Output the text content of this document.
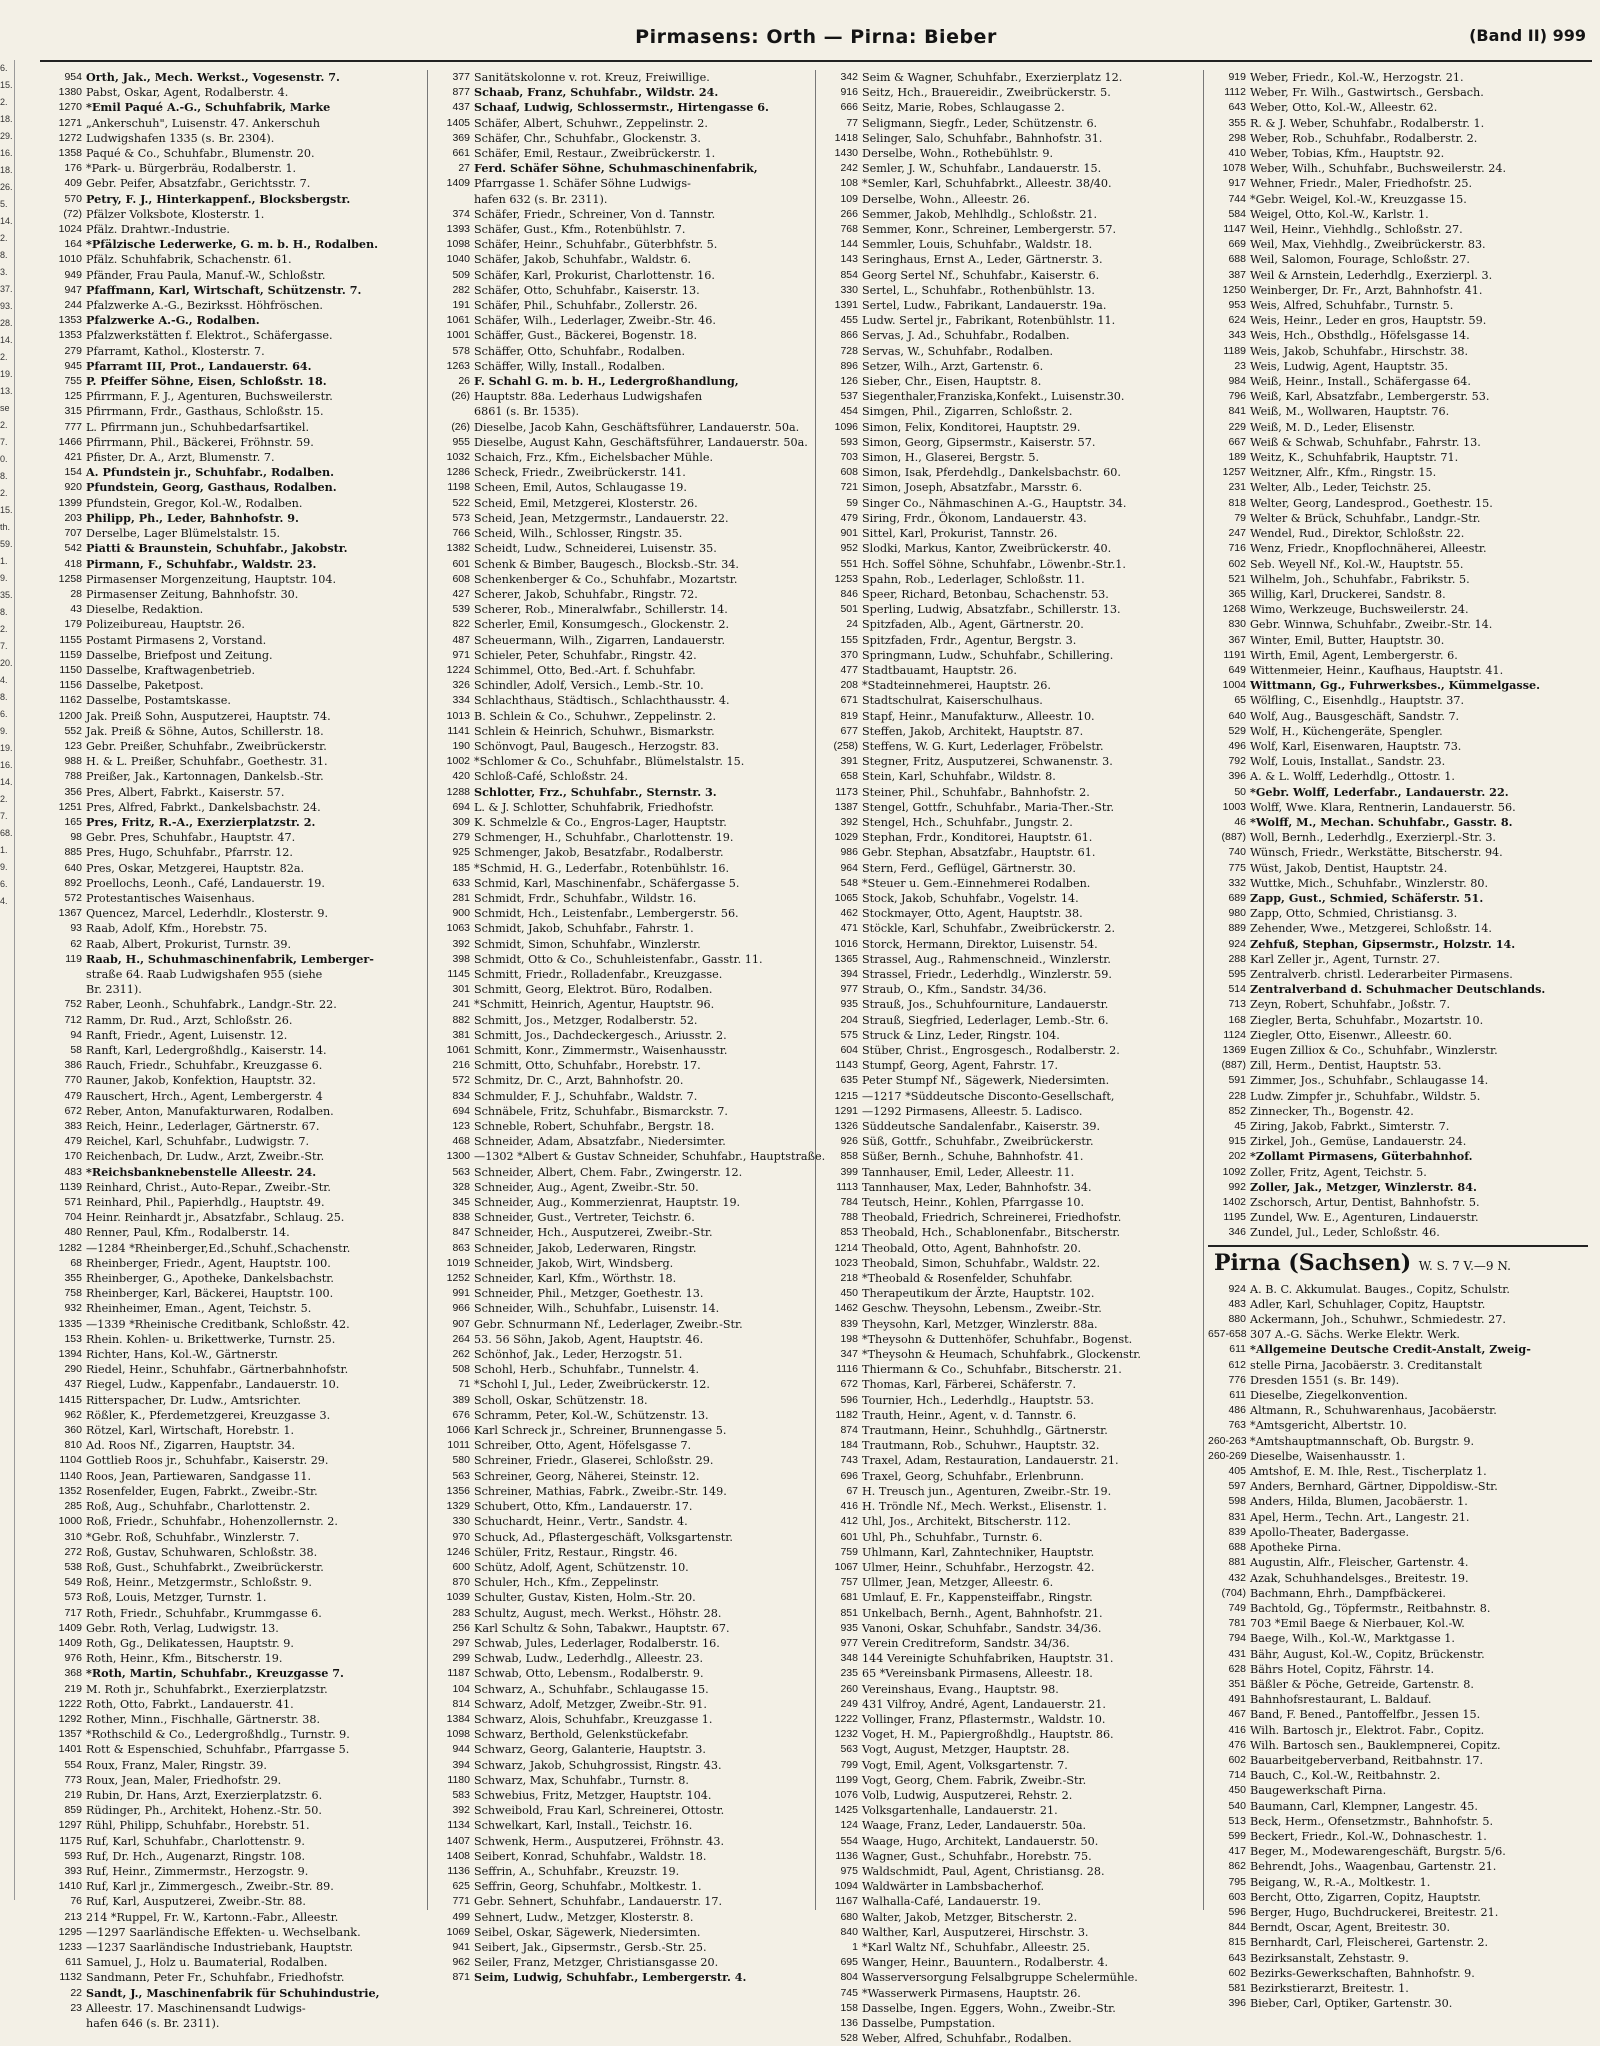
6.
15.
2.
18.
29.
16.
18.
26.
5.
14.
2.
8.
3.
37.
93.
28.
14.
2.
19.
13.
se 2.
7.
0.
8.
2.
15.
th.
59.
1.
9.
35.
8.
2.
7.
20.
4.
8.
6.
9.
19.
16.
14.
2.
7.
68.
1.
9.
6.
4.
Pirmasens: Orth — Pirna: Bieber	(Band II) 999
954 Orth, Jak., Mech. Werkst., Vogesenstr. 7.
1380 Pabst, Oskar, Agent, Rodalberstr. 4.
1270 *Emil Paqué A.-G., Schuhfabrik, Marke
1271 „Ankerschuh", Luisenstr. 47. Ankerschuh
1272 Ludwigshafen 1335 (s. Br. 2304).
1358 Paqué & Co., Schuhfabr., Blumenstr. 20.
176 *Park- u. Bürgerbräu, Rodalberstr. 1.
409 Gebr. Peifer, Absatzfabr., Gerichtsstr. 7.
570 Petry, F. J., Hinterkappenf., Blocksbergstr.
(72) Pfälzer Volksbote, Klosterstr. 1.
1024 Pfälz. Drahtwr.-Industrie.
164 *Pfälzische Lederwerke, G. m. b. H., Rodalben.
1010 Pfälz. Schuhfabrik, Schachenstr. 61.
949 Pfänder, Frau Paula, Manuf.-W., Schloßstr.
947 Pfaffmann, Karl, Wirtschaft, Schützenstr. 7.
244 Pfalzwerke A.-G., Bezirksst. Höhfröschen.
1353 Pfalzwerke A.-G., Rodalben.
1353 Pfalzwerkstätten f. Elektrot., Schäfergasse.
279 Pfarramt, Kathol., Klosterstr. 7.
945 Pfarramt III, Prot., Landauerstr. 64.
755 P. Pfeiffer Söhne, Eisen, Schloßstr. 18.
125 Pfirrmann, F. J., Agenturen, Buchsweilerstr.
315 Pfirrmann, Frdr., Gasthaus, Schloßstr. 15.
777 L. Pfirrmann jun., Schuhbedarfsartikel.
1466 Pfirrmann, Phil., Bäckerei, Fröhnstr. 59.
421 Pfister, Dr. A., Arzt, Blumenstr. 7.
154 A. Pfundstein jr., Schuhfabr., Rodalben.
920 Pfundstein, Georg, Gasthaus, Rodalben.
1399 Pfundstein, Gregor, Kol.-W., Rodalben.
203 Philipp, Ph., Leder, Bahnhofstr. 9.
707 Derselbe, Lager Blümelstalstr. 15.
542 Piatti & Braunstein, Schuhfabr., Jakobstr.
418 Pirmann, F., Schuhfabr., Waldstr. 23.
1258 Pirmasenser Morgenzeitung, Hauptstr. 104.
28 Pirmasenser Zeitung, Bahnhofstr. 30.
43 Dieselbe, Redaktion.
179 Polizeibureau, Hauptstr. 26.
1155 Postamt Pirmasens 2, Vorstand.
1159 Dasselbe, Briefpost und Zeitung.
1150 Dasselbe, Kraftwagenbetrieb.
1156 Dasselbe, Paketpost.
1162 Dasselbe, Postamtskasse.
1200 Jak. Preiß Sohn, Ausputzerei, Hauptstr. 74.
552 Jak. Preiß & Söhne, Autos, Schillerstr. 18.
123 Gebr. Preißer, Schuhfabr., Zweibrückerstr.
988 H. & L. Preißer, Schuhfabr., Goethestr. 31.
788 Preißer, Jak., Kartonnagen, Dankelsb.-Str.
356 Pres, Albert, Fabrkt., Kaiserstr. 57.
1251 Pres, Alfred, Fabrkt., Dankelsbachstr. 24.
165 Pres, Fritz, R.-A., Exerzierplatzstr. 2.
98 Gebr. Pres, Schuhfabr., Hauptstr. 47.
885 Pres, Hugo, Schuhfabr., Pfarrstr. 12.
640 Pres, Oskar, Metzgerei, Hauptstr. 82a.
892 Proellochs, Leonh., Café, Landauerstr. 19.
572 Protestantisches Waisenhaus.
1367 Quencez, Marcel, Lederhdlr., Klosterstr. 9.
93 Raab, Adolf, Kfm., Horebstr. 75.
62 Raab, Albert, Prokurist, Turnstr. 39.
119 Raab, H., Schuhmaschinenfabrik, Lemberger-
straße 64. Raab Ludwigshafen 955 (siehe
Br. 2311).
752 Raber, Leonh., Schuhfabrk., Landgr.-Str. 22.
712 Ramm, Dr. Rud., Arzt, Schloßstr. 26.
94 Ranft, Friedr., Agent, Luisenstr. 12.
58 Ranft, Karl, Ledergroßhdlg., Kaiserstr. 14.
386 Rauch, Friedr., Schuhfabr., Kreuzgasse 6.
770 Rauner, Jakob, Konfektion, Hauptstr. 32.
479 Rauschert, Hrch., Agent, Lembergerstr. 4
672 Reber, Anton, Manufakturwaren, Rodalben.
383 Reich, Heinr., Lederlager, Gärtnerstr. 67.
479 Reichel, Karl, Schuhfabr., Ludwigstr. 7.
170 Reichenbach, Dr. Ludw., Arzt, Zweibr.-Str.
483 *Reichsbanknebenstelle Alleestr. 24.
1139 Reinhard, Christ., Auto-Repar., Zweibr.-Str.
571 Reinhard, Phil., Papierhdlg., Hauptstr. 49.
704 Heinr. Reinhardt jr., Absatzfabr., Schlaug. 25.
480 Renner, Paul, Kfm., Rodalberstr. 14.
1282 —1284 *Rheinberger,Ed.,Schuhf.,Schachenstr.
68 Rheinberger, Friedr., Agent, Hauptstr. 100.
355 Rheinberger, G., Apotheke, Dankelsbachstr.
758 Rheinberger, Karl, Bäckerei, Hauptstr. 100.
932 Rheinheimer, Eman., Agent, Teichstr. 5.
1335 —1339 *Rheinische Creditbank, Schloßstr. 42.
153 Rhein. Kohlen- u. Brikettwerke, Turnstr. 25.
1394 Richter, Hans, Kol.-W., Gärtnerstr.
290 Riedel, Heinr., Schuhfabr., Gärtnerbahnhofstr.
437 Riegel, Ludw., Kappenfabr., Landauerstr. 10.
1415 Ritterspacher, Dr. Ludw., Amtsrichter.
962 Rößler, K., Pferdemetzgerei, Kreuzgasse 3.
360 Rötzel, Karl, Wirtschaft, Horebstr. 1.
810 Ad. Roos Nf., Zigarren, Hauptstr. 34.
1104 Gottlieb Roos jr., Schuhfabr., Kaiserstr. 29.
1140 Roos, Jean, Partiewaren, Sandgasse 11.
1352 Rosenfelder, Eugen, Fabrkt., Zweibr.-Str.
285 Roß, Aug., Schuhfabr., Charlottenstr. 2.
1000 Roß, Friedr., Schuhfabr., Hohenzollernstr. 2.
310 *Gebr. Roß, Schuhfabr., Winzlerstr. 7.
272 Roß, Gustav, Schuhwaren, Schloßstr. 38.
538 Roß, Gust., Schuhfabrkt., Zweibrückerstr.
549 Roß, Heinr., Metzgermstr., Schloßstr. 9.
573 Roß, Louis, Metzger, Turnstr. 1.
717 Roth, Friedr., Schuhfabr., Krummgasse 6.
1409 Gebr. Roth, Verlag, Ludwigstr. 13.
1409 Roth, Gg., Delikatessen, Hauptstr. 9.
976 Roth, Heinr., Kfm., Bitscherstr. 19.
368 *Roth, Martin, Schuhfabr., Kreuzgasse 7.
219 M. Roth jr., Schuhfabrkt., Exerzierplatzstr.
1222 Roth, Otto, Fabrkt., Landauerstr. 41.
1292 Rother, Minn., Fischhalle, Gärtnerstr. 38.
1357 *Rothschild & Co., Ledergroßhdlg., Turnstr. 9.
1401 Rott & Espenschied, Schuhfabr., Pfarrgasse 5.
554 Roux, Franz, Maler, Ringstr. 39.
773 Roux, Jean, Maler, Friedhofstr. 29.
219 Rubin, Dr. Hans, Arzt, Exerzierplatzstr. 6.
859 Rüdinger, Ph., Architekt, Hohenz.-Str. 50.
1297 Rühl, Philipp, Schuhfabr., Horebstr. 51.
1175 Ruf, Karl, Schuhfabr., Charlottenstr. 9.
593 Ruf, Dr. Hch., Augenarzt, Ringstr. 108.
393 Ruf, Heinr., Zimmermstr., Herzogstr. 9.
1410 Ruf, Karl jr., Zimmergesch., Zweibr.-Str. 89.
76 Ruf, Karl, Ausputzerei, Zweibr.-Str. 88.
213 214 *Ruppel, Fr. W., Kartonn.-Fabr., Alleestr.
1295 —1297 Saarländische Effekten- u. Wechselbank.
1233 —1237 Saarländische Industriebank, Hauptstr.
611 Samuel, J., Holz u. Baumaterial, Rodalben.
1132 Sandmann, Peter Fr., Schuhfabr., Friedhofstr.
22 Sandt, J., Maschinenfabrik für Schuhindustrie,
23 Alleestr. 17. Maschinensandt Ludwigs-
hafen 646 (s. Br. 2311).
377 Sanitätskolonne v. rot. Kreuz, Freiwillige.
877 Schaab, Franz, Schuhfabr., Wildstr. 24.
437 Schaaf, Ludwig, Schlossermstr., Hirtengasse 6.
1405 Schäfer, Albert, Schuhwr., Zeppelinstr. 2.
369 Schäfer, Chr., Schuhfabr., Glockenstr. 3.
661 Schäfer, Emil, Restaur., Zweibrückerstr. 1.
27 Ferd. Schäfer Söhne, Schuhmaschinenfabrik,
1409 Pfarrgasse 1. Schäfer Söhne Ludwigs-
hafen 632 (s. Br. 2311).
374 Schäfer, Friedr., Schreiner, Von d. Tannstr.
1393 Schäfer, Gust., Kfm., Rotenbühlstr. 7.
1098 Schäfer, Heinr., Schuhfabr., Güterbhfstr. 5.
1040 Schäfer, Jakob, Schuhfabr., Waldstr. 6.
509 Schäfer, Karl, Prokurist, Charlottenstr. 16.
282 Schäfer, Otto, Schuhfabr., Kaiserstr. 13.
191 Schäfer, Phil., Schuhfabr., Zollerstr. 26.
1061 Schäfer, Wilh., Lederlager, Zweibr.-Str. 46.
1001 Schäffer, Gust., Bäckerei, Bogenstr. 18.
578 Schäffer, Otto, Schuhfabr., Rodalben.
1263 Schäffer, Willy, Install., Rodalben.
26 F. Schahl G. m. b. H., Ledergroßhandlung,
(26) Hauptstr. 88a. Lederhaus Ludwigshafen
6861 (s. Br. 1535).
(26) Dieselbe, Jacob Kahn, Geschäftsführer, Landauerstr. 50a.
955 Dieselbe, August Kahn, Geschäftsführer, Landauerstr. 50a.
1032 Schaich, Frz., Kfm., Eichelsbacher Mühle.
1286 Scheck, Friedr., Zweibrückerstr. 141.
1198 Scheen, Emil, Autos, Schlaugasse 19.
522 Scheid, Emil, Metzgerei, Klosterstr. 26.
573 Scheid, Jean, Metzgermstr., Landauerstr. 22.
766 Scheid, Wilh., Schlosser, Ringstr. 35.
1382 Scheidt, Ludw., Schneiderei, Luisenstr. 35.
601 Schenk & Bimber, Baugesch., Blocksb.-Str. 34.
608 Schenkenberger & Co., Schuhfabr., Mozartstr.
427 Scherer, Jakob, Schuhfabr., Ringstr. 72.
539 Scherer, Rob., Mineralwfabr., Schillerstr. 14.
822 Scherler, Emil, Konsumgesch., Glockenstr. 2.
487 Scheuermann, Wilh., Zigarren, Landauerstr.
971 Schieler, Peter, Schuhfabr., Ringstr. 42.
1224 Schimmel, Otto, Bed.-Art. f. Schuhfabr.
326 Schindler, Adolf, Versich., Lemb.-Str. 10.
334 Schlachthaus, Städtisch., Schlachthausstr. 4.
1013 B. Schlein & Co., Schuhwr., Zeppelinstr. 2.
1141 Schlein & Heinrich, Schuhwr., Bismarkstr.
190 Schönvogt, Paul, Baugesch., Herzogstr. 83.
1002 *Schlomer & Co., Schuhfabr., Blümelstalstr. 15.
420 Schloß-Café, Schloßstr. 24.
1288 Schlotter, Frz., Schuhfabr., Sternstr. 3.
694 L. & J. Schlotter, Schuhfabrik, Friedhofstr.
309 K. Schmelzle & Co., Engros-Lager, Hauptstr.
279 Schmenger, H., Schuhfabr., Charlottenstr. 19.
925 Schmenger, Jakob, Besatzfabr., Rodalberstr.
185 *Schmid, H. G., Lederfabr., Rotenbühlstr. 16.
633 Schmid, Karl, Maschinenfabr., Schäfergasse 5.
281 Schmidt, Frdr., Schuhfabr., Wildstr. 16.
900 Schmidt, Hch., Leistenfabr., Lembergerstr. 56.
1063 Schmidt, Jakob, Schuhfabr., Fahrstr. 1.
392 Schmidt, Simon, Schuhfabr., Winzlerstr.
398 Schmidt, Otto & Co., Schuhleistenfabr., Gasstr. 11.
1145 Schmitt, Friedr., Rolladenfabr., Kreuzgasse.
301 Schmitt, Georg, Elektrot. Büro, Rodalben.
241 *Schmitt, Heinrich, Agentur, Hauptstr. 96.
882 Schmitt, Jos., Metzger, Rodalberstr. 52.
381 Schmitt, Jos., Dachdeckergesch., Ariusstr. 2.
1061 Schmitt, Konr., Zimmermstr., Waisenhausstr.
216 Schmitt, Otto, Schuhfabr., Horebstr. 17.
572 Schmitz, Dr. C., Arzt, Bahnhofstr. 20.
834 Schmulder, F. J., Schuhfabr., Waldstr. 7.
694 Schnäbele, Fritz, Schuhfabr., Bismarckstr. 7.
123 Schneble, Robert, Schuhfabr., Bergstr. 18.
468 Schneider, Adam, Absatzfabr., Niedersimter.
1300 —1302 *Albert & Gustav Schneider, Schuhfabr., Hauptstraße.
563 Schneider, Albert, Chem. Fabr., Zwingerstr. 12.
328 Schneider, Aug., Agent, Zweibr.-Str. 50.
345 Schneider, Aug., Kommerzienrat, Hauptstr. 19.
838 Schneider, Gust., Vertreter, Teichstr. 6.
847 Schneider, Hch., Ausputzerei, Zweibr.-Str.
863 Schneider, Jakob, Lederwaren, Ringstr.
1019 Schneider, Jakob, Wirt, Windsberg.
1252 Schneider, Karl, Kfm., Wörthstr. 18.
991 Schneider, Phil., Metzger, Goethestr. 13.
966 Schneider, Wilh., Schuhfabr., Luisenstr. 14.
907 Gebr. Schnurmann Nf., Lederlager, Zweibr.-Str.
264 53. 56 Söhn, Jakob, Agent, Hauptstr. 46.
262 Schönhof, Jak., Leder, Herzogstr. 51.
508 Schohl, Herb., Schuhfabr., Tunnelstr. 4.
71 *Schohl I, Jul., Leder, Zweibrückerstr. 12.
389 Scholl, Oskar, Schützenstr. 18.
676 Schramm, Peter, Kol.-W., Schützenstr. 13.
1066 Karl Schreck jr., Schreiner, Brunnengasse 5.
1011 Schreiber, Otto, Agent, Höfelsgasse 7.
580 Schreiner, Friedr., Glaserei, Schloßstr. 29.
563 Schreiner, Georg, Näherei, Steinstr. 12.
1356 Schreiner, Mathias, Fabrk., Zweibr.-Str. 149.
1329 Schubert, Otto, Kfm., Landauerstr. 17.
330 Schuchardt, Heinr., Vertr., Sandstr. 4.
970 Schuck, Ad., Pflastergeschäft, Volksgartenstr.
1246 Schüler, Fritz, Restaur., Ringstr. 46.
600 Schütz, Adolf, Agent, Schützenstr. 10.
870 Schuler, Hch., Kfm., Zeppelinstr.
1039 Schulter, Gustav, Kisten, Holm.-Str. 20.
283 Schultz, August, mech. Werkst., Höhstr. 28.
256 Karl Schultz & Sohn, Tabakwr., Hauptstr. 67.
297 Schwab, Jules, Lederlager, Rodalberstr. 16.
299 Schwab, Ludw., Lederhdlg., Alleestr. 23.
1187 Schwab, Otto, Lebensm., Rodalberstr. 9.
104 Schwarz, A., Schuhfabr., Schlaugasse 15.
814 Schwarz, Adolf, Metzger, Zweibr.-Str. 91.
1384 Schwarz, Alois, Schuhfabr., Kreuzgasse 1.
1098 Schwarz, Berthold, Gelenkstückefabr.
944 Schwarz, Georg, Galanterie, Hauptstr. 3.
394 Schwarz, Jakob, Schuhgrossist, Ringstr. 43.
1180 Schwarz, Max, Schuhfabr., Turnstr. 8.
583 Schwebius, Fritz, Metzger, Hauptstr. 104.
392 Schweibold, Frau Karl, Schreinerei, Ottostr.
1134 Schwelkart, Karl, Install., Teichstr. 16.
1407 Schwenk, Herm., Ausputzerei, Fröhnstr. 43.
1408 Seibert, Konrad, Schuhfabr., Waldstr. 18.
1136 Seffrin, A., Schuhfabr., Kreuzstr. 19.
625 Seffrin, Georg, Schuhfabr., Moltkestr. 1.
771 Gebr. Sehnert, Schuhfabr., Landauerstr. 17.
499 Sehnert, Ludw., Metzger, Klosterstr. 8.
1069 Seibel, Oskar, Sägewerk, Niedersimten.
941 Seibert, Jak., Gipsermstr., Gersb.-Str. 25.
962 Seiler, Franz, Metzger, Christiansgasse 20.
871 Seim, Ludwig, Schuhfabr., Lembergerstr. 4.
342 Seim & Wagner, Schuhfabr., Exerzierplatz 12.
916 Seitz, Hch., Brauereidir., Zweibrückerstr. 5.
666 Seitz, Marie, Robes, Schlaugasse 2.
77 Seligmann, Siegfr., Leder, Schützenstr. 6.
1418 Selinger, Salo, Schuhfabr., Bahnhofstr. 31.
1430 Derselbe, Wohn., Rothebühlstr. 9.
242 Semler, J. W., Schuhfabr., Landauerstr. 15.
108 *Semler, Karl, Schuhfabrkt., Alleestr. 38/40.
109 Derselbe, Wohn., Alleestr. 26.
266 Semmer, Jakob, Mehlhdlg., Schloßstr. 21.
768 Semmer, Konr., Schreiner, Lembergerstr. 57.
144 Semmler, Louis, Schuhfabr., Waldstr. 18.
143 Seringhaus, Ernst A., Leder, Gärtnerstr. 3.
854 Georg Sertel Nf., Schuhfabr., Kaiserstr. 6.
330 Sertel, L., Schuhfabr., Rothenbühlstr. 13.
1391 Sertel, Ludw., Fabrikant, Landauerstr. 19a.
455 Ludw. Sertel jr., Fabrikant, Rotenbühlstr. 11.
866 Servas, J. Ad., Schuhfabr., Rodalben.
728 Servas, W., Schuhfabr., Rodalben.
896 Setzer, Wilh., Arzt, Gartenstr. 6.
126 Sieber, Chr., Eisen, Hauptstr. 8.
537 Siegenthaler,Franziska,Konfekt., Luisenstr.30.
454 Simgen, Phil., Zigarren, Schloßstr. 2.
1096 Simon, Felix, Konditorei, Hauptstr. 29.
593 Simon, Georg, Gipsermstr., Kaiserstr. 57.
703 Simon, H., Glaserei, Bergstr. 5.
608 Simon, Isak, Pferdehdlg., Dankelsbachstr. 60.
721 Simon, Joseph, Absatzfabr., Marsstr. 6.
59 Singer Co., Nähmaschinen A.-G., Hauptstr. 34.
479 Siring, Frdr., Ökonom, Landauerstr. 43.
901 Sittel, Karl, Prokurist, Tannstr. 26.
952 Slodki, Markus, Kantor, Zweibrückerstr. 40.
551 Hch. Soffel Söhne, Schuhfabr., Löwenbr.-Str.1.
1253 Spahn, Rob., Lederlager, Schloßstr. 11.
846 Speer, Richard, Betonbau, Schachenstr. 53.
501 Sperling, Ludwig, Absatzfabr., Schillerstr. 13.
24 Spitzfaden, Alb., Agent, Gärtnerstr. 20.
155 Spitzfaden, Frdr., Agentur, Bergstr. 3.
370 Springmann, Ludw., Schuhfabr., Schillering.
477 Stadtbauamt, Hauptstr. 26.
208 *Stadteinnehmerei, Hauptstr. 26.
671 Stadtschulrat, Kaiserschulhaus.
819 Stapf, Heinr., Manufakturw., Alleestr. 10.
677 Steffen, Jakob, Architekt, Hauptstr. 87.
(258) Steffens, W. G. Kurt, Lederlager, Fröbelstr.
391 Stegner, Fritz, Ausputzerei, Schwanenstr. 3.
658 Stein, Karl, Schuhfabr., Wildstr. 8.
1173 Steiner, Phil., Schuhfabr., Bahnhofstr. 2.
1387 Stengel, Gottfr., Schuhfabr., Maria-Ther.-Str.
392 Stengel, Hch., Schuhfabr., Jungstr. 2.
1029 Stephan, Frdr., Konditorei, Hauptstr. 61.
986 Gebr. Stephan, Absatzfabr., Hauptstr. 61.
964 Stern, Ferd., Geflügel, Gärtnerstr. 30.
548 *Steuer u. Gem.-Einnehmerei Rodalben.
1065 Stock, Jakob, Schuhfabr., Vogelstr. 14.
462 Stockmayer, Otto, Agent, Hauptstr. 38.
471 Stöckle, Karl, Schuhfabr., Zweibrückerstr. 2.
1016 Storck, Hermann, Direktor, Luisenstr. 54.
1365 Strassel, Aug., Rahmenschneid., Winzlerstr.
394 Strassel, Friedr., Lederhdlg., Winzlerstr. 59.
977 Straub, O., Kfm., Sandstr. 34/36.
935 Strauß, Jos., Schuhfourniture, Landauerstr.
204 Strauß, Siegfried, Lederlager, Lemb.-Str. 6.
575 Struck & Linz, Leder, Ringstr. 104.
604 Stüber, Christ., Engrosgesch., Rodalberstr. 2.
1143 Stumpf, Georg, Agent, Fahrstr. 17.
635 Peter Stumpf Nf., Sägewerk, Niedersimten.
1215 —1217 *Süddeutsche Disconto-Gesellschaft,
1291 —1292 Pirmasens, Alleestr. 5. Ladisco.
1326 Süddeutsche Sandalenfabr., Kaiserstr. 39.
926 Süß, Gottfr., Schuhfabr., Zweibrückerstr.
858 Süßer, Bernh., Schuhe, Bahnhofstr. 41.
399 Tannhauser, Emil, Leder, Alleestr. 11.
1113 Tannhauser, Max, Leder, Bahnhofstr. 34.
784 Teutsch, Heinr., Kohlen, Pfarrgasse 10.
788 Theobald, Friedrich, Schreinerei, Friedhofstr.
853 Theobald, Hch., Schablonenfabr., Bitscherstr.
1214 Theobald, Otto, Agent, Bahnhofstr. 20.
1023 Theobald, Simon, Schuhfabr., Waldstr. 22.
218 *Theobald & Rosenfelder, Schuhfabr.
450 Therapeutikum der Ärzte, Hauptstr. 102.
1462 Geschw. Theysohn, Lebensm., Zweibr.-Str.
839 Theysohn, Karl, Metzger, Winzlerstr. 88a.
198 *Theysohn & Duttenhöfer, Schuhfabr., Bogenst.
347 *Theysohn & Heumach, Schuhfabrk., Glockenstr.
1116 Thiermann & Co., Schuhfabr., Bitscherstr. 21.
672 Thomas, Karl, Färberei, Schäferstr. 7.
596 Tournier, Hch., Lederhdlg., Hauptstr. 53.
1182 Trauth, Heinr., Agent, v. d. Tannstr. 6.
874 Trautmann, Heinr., Schuhhdlg., Gärtnerstr.
184 Trautmann, Rob., Schuhwr., Hauptstr. 32.
743 Traxel, Adam, Restauration, Landauerstr. 21.
696 Traxel, Georg, Schuhfabr., Erlenbrunn.
67 H. Treusch jun., Agenturen, Zweibr.-Str. 19.
416 H. Tröndle Nf., Mech. Werkst., Elisenstr. 1.
412 Uhl, Jos., Architekt, Bitscherstr. 112.
601 Uhl, Ph., Schuhfabr., Turnstr. 6.
759 Uhlmann, Karl, Zahntechniker, Hauptstr.
1067 Ulmer, Heinr., Schuhfabr., Herzogstr. 42.
757 Ullmer, Jean, Metzger, Alleestr. 6.
681 Umlauf, E. Fr., Kappensteiffabr., Ringstr.
851 Unkelbach, Bernh., Agent, Bahnhofstr. 21.
935 Vanoni, Oskar, Schuhfabr., Sandstr. 34/36.
977 Verein Creditreform, Sandstr. 34/36.
348 144 Vereinigte Schuhfabriken, Hauptstr. 31.
235 65 *Vereinsbank Pirmasens, Alleestr. 18.
260 Vereinshaus, Evang., Hauptstr. 98.
249 431 Vilfroy, André, Agent, Landauerstr. 21.
1222 Vollinger, Franz, Pflastermstr., Waldstr. 10.
1232 Voget, H. M., Papiergroßhdlg., Hauptstr. 86.
563 Vogt, August, Metzger, Hauptstr. 28.
799 Vogt, Emil, Agent, Volksgartenstr. 7.
1199 Vogt, Georg, Chem. Fabrik, Zweibr.-Str.
1076 Volb, Ludwig, Ausputzerei, Rehstr. 2.
1425 Volksgartenhalle, Landauerstr. 21.
124 Waage, Franz, Leder, Landauerstr. 50a.
554 Waage, Hugo, Architekt, Landauerstr. 50.
1136 Wagner, Gust., Schuhfabr., Horebstr. 75.
975 Waldschmidt, Paul, Agent, Christiansg. 28.
1094 Waldwärter in Lambsbacherhof.
1167 Walhalla-Café, Landauerstr. 19.
680 Walter, Jakob, Metzger, Bitscherstr. 2.
840 Walther, Karl, Ausputzerei, Hirschstr. 3.
1 *Karl Waltz Nf., Schuhfabr., Alleestr. 25.
695 Wanger, Heinr., Bauuntern., Rodalberstr. 4.
804 Wasserversorgung Felsalbgruppe Schelermühle.
745 *Wasserwerk Pirmasens, Hauptstr. 26.
158 Dasselbe, Ingen. Eggers, Wohn., Zweibr.-Str.
136 Dasselbe, Pumpstation.
528 Weber, Alfred, Schuhfabr., Rodalben.
919 Weber, Friedr., Kol.-W., Herzogstr. 21.
1112 Weber, Fr. Wilh., Gastwirtsch., Gersbach.
643 Weber, Otto, Kol.-W., Alleestr. 62.
355 R. & J. Weber, Schuhfabr., Rodalberstr. 1.
298 Weber, Rob., Schuhfabr., Rodalberstr. 2.
410 Weber, Tobias, Kfm., Hauptstr. 92.
1078 Weber, Wilh., Schuhfabr., Buchsweilerstr. 24.
917 Wehner, Friedr., Maler, Friedhofstr. 25.
744 *Gebr. Weigel, Kol.-W., Kreuzgasse 15.
584 Weigel, Otto, Kol.-W., Karlstr. 1.
1147 Weil, Heinr., Viehhdlg., Schloßstr. 27.
669 Weil, Max, Viehhdlg., Zweibrückerstr. 83.
688 Weil, Salomon, Fourage, Schloßstr. 27.
387 Weil & Arnstein, Lederhdlg., Exerzierpl. 3.
1250 Weinberger, Dr. Fr., Arzt, Bahnhofstr. 41.
953 Weis, Alfred, Schuhfabr., Turnstr. 5.
624 Weis, Heinr., Leder en gros, Hauptstr. 59.
343 Weis, Hch., Obsthdlg., Höfelsgasse 14.
1189 Weis, Jakob, Schuhfabr., Hirschstr. 38.
23 Weis, Ludwig, Agent, Hauptstr. 35.
984 Weiß, Heinr., Install., Schäfergasse 64.
796 Weiß, Karl, Absatzfabr., Lembergerstr. 53.
841 Weiß, M., Wollwaren, Hauptstr. 76.
229 Weiß, M. D., Leder, Elisenstr.
667 Weiß & Schwab, Schuhfabr., Fahrstr. 13.
189 Weitz, K., Schuhfabrik, Hauptstr. 71.
1257 Weitzner, Alfr., Kfm., Ringstr. 15.
231 Welter, Alb., Leder, Teichstr. 25.
818 Welter, Georg, Landesprod., Goethestr. 15.
79 Welter & Brück, Schuhfabr., Landgr.-Str.
247 Wendel, Rud., Direktor, Schloßstr. 22.
716 Wenz, Friedr., Knopflochnäherei, Alleestr.
602 Seb. Weyell Nf., Kol.-W., Hauptstr. 55.
521 Wilhelm, Joh., Schuhfabr., Fabrikstr. 5.
365 Willig, Karl, Druckerei, Sandstr. 8.
1268 Wimo, Werkzeuge, Buchsweilerstr. 24.
830 Gebr. Winnwa, Schuhfabr., Zweibr.-Str. 14.
367 Winter, Emil, Butter, Hauptstr. 30.
1191 Wirth, Emil, Agent, Lembergerstr. 6.
649 Wittenmeier, Heinr., Kaufhaus, Hauptstr. 41.
1004 Wittmann, Gg., Fuhrwerksbes., Kümmelgasse.
65 Wölfling, C., Eisenhdlg., Hauptstr. 37.
640 Wolf, Aug., Bausgeschäft, Sandstr. 7.
529 Wolf, H., Küchengeräte, Spengler.
496 Wolf, Karl, Eisenwaren, Hauptstr. 73.
792 Wolf, Louis, Installat., Sandstr. 23.
396 A. & L. Wolff, Lederhdlg., Ottostr. 1.
50 *Gebr. Wolff, Lederfabr., Landauerstr. 22.
1003 Wolff, Wwe. Klara, Rentnerin, Landauerstr. 56.
46 *Wolff, M., Mechan. Schuhfabr., Gasstr. 8.
(887) Woll, Bernh., Lederhdlg., Exerzierpl.-Str. 3.
740 Wünsch, Friedr., Werkstätte, Bitscherstr. 94.
775 Wüst, Jakob, Dentist, Hauptstr. 24.
332 Wuttke, Mich., Schuhfabr., Winzlerstr. 80.
689 Zapp, Gust., Schmied, Schäferstr. 51.
980 Zapp, Otto, Schmied, Christiansg. 3.
889 Zehender, Wwe., Metzgerei, Schloßstr. 14.
924 Zehfuß, Stephan, Gipsermstr., Holzstr. 14.
288 Karl Zeller jr., Agent, Turnstr. 27.
595 Zentralverb. christl. Lederarbeiter Pirmasens.
514 Zentralverband d. Schuhmacher Deutschlands.
713 Zeyn, Robert, Schuhfabr., Joßstr. 7.
168 Ziegler, Berta, Schuhfabr., Mozartstr. 10.
1124 Ziegler, Otto, Eisenwr., Alleestr. 60.
1369 Eugen Zilliox & Co., Schuhfabr., Winzlerstr.
(887) Zill, Herm., Dentist, Hauptstr. 53.
591 Zimmer, Jos., Schuhfabr., Schlaugasse 14.
228 Ludw. Zimpfer jr., Schuhfabr., Wildstr. 5.
852 Zinnecker, Th., Bogenstr. 42.
45 Ziring, Jakob, Fabrkt., Simterstr. 7.
915 Zirkel, Joh., Gemüse, Landauerstr. 24.
202 *Zollamt Pirmasens, Güterbahnhof.
1092 Zoller, Fritz, Agent, Teichstr. 5.
992 Zoller, Jak., Metzger, Winzlerstr. 84.
1402 Zschorsch, Artur, Dentist, Bahnhofstr. 5.
1195 Zundel, Ww. E., Agenturen, Lindauerstr.
346 Zundel, Jul., Leder, Schloßstr. 46.
Pirna (Sachsen) W. S. 7 V.—9 N.
924 A. B. C. Akkumulat. Bauges., Copitz, Schulstr.
483 Adler, Karl, Schuhlager, Copitz, Hauptstr.
880 Ackermann, Joh., Schuhwr., Schmiedestr. 27.
657-658 307 A.-G. Sächs. Werke Elektr. Werk.
611 *Allgemeine Deutsche Credit-Anstalt, Zweig-
612 stelle Pirna, Jacobäerstr. 3. Creditanstalt
776 Dresden 1551 (s. Br. 149).
611 Dieselbe, Ziegelkonvention.
486 Altmann, R., Schuhwarenhaus, Jacobäerstr.
763 *Amtsgericht, Albertstr. 10.
260-263 *Amtshauptmannschaft, Ob. Burgstr. 9.
260-269 Dieselbe, Waisenhausstr. 1.
405 Amtshof, E. M. Ihle, Rest., Tischerplatz 1.
597 Anders, Bernhard, Gärtner, Dippoldisw.-Str.
598 Anders, Hilda, Blumen, Jacobäerstr. 1.
831 Apel, Herm., Techn. Art., Langestr. 21.
839 Apollo-Theater, Badergasse.
688 Apotheke Pirna.
881 Augustin, Alfr., Fleischer, Gartenstr. 4.
432 Azak, Schuhhandelsges., Breitestr. 19.
(704) Bachmann, Ehrh., Dampfbäckerei.
749 Bachtold, Gg., Töpfermstr., Reitbahnstr. 8.
781 703 *Emil Baege & Nierbauer, Kol.-W.
794 Baege, Wilh., Kol.-W., Marktgasse 1.
431 Bähr, August, Kol.-W., Copitz, Brückenstr.
628 Bährs Hotel, Copitz, Fährstr. 14.
351 Bäßler & Pöche, Getreide, Gartenstr. 8.
491 Bahnhofsrestaurant, L. Baldauf.
467 Band, F. Bened., Pantoffelfbr., Jessen 15.
416 Wilh. Bartosch jr., Elektrot. Fabr., Copitz.
476 Wilh. Bartosch sen., Bauklempnerei, Copitz.
602 Bauarbeitgeberverband, Reitbahnstr. 17.
714 Bauch, C., Kol.-W., Reitbahnstr. 2.
450 Baugewerkschaft Pirna.
540 Baumann, Carl, Klempner, Langestr. 45.
513 Beck, Herm., Ofensetzmstr., Bahnhofstr. 5.
599 Beckert, Friedr., Kol.-W., Dohnaschestr. 1.
417 Beger, M., Modewarengeschäft, Burgstr. 5/6.
862 Behrendt, Johs., Waagenbau, Gartenstr. 21.
795 Beigang, W., R.-A., Moltkestr. 1.
603 Bercht, Otto, Zigarren, Copitz, Hauptstr.
596 Berger, Hugo, Buchdruckerei, Breitestr. 21.
844 Berndt, Oscar, Agent, Breitestr. 30.
815 Bernhardt, Carl, Fleischerei, Gartenstr. 2.
643 Bezirksanstalt, Zehstastr. 9.
602 Bezirks-Gewerkschaften, Bahnhofstr. 9.
581 Bezirkstierarzt, Breitestr. 1.
396 Bieber, Carl, Optiker, Gartenstr. 30.
